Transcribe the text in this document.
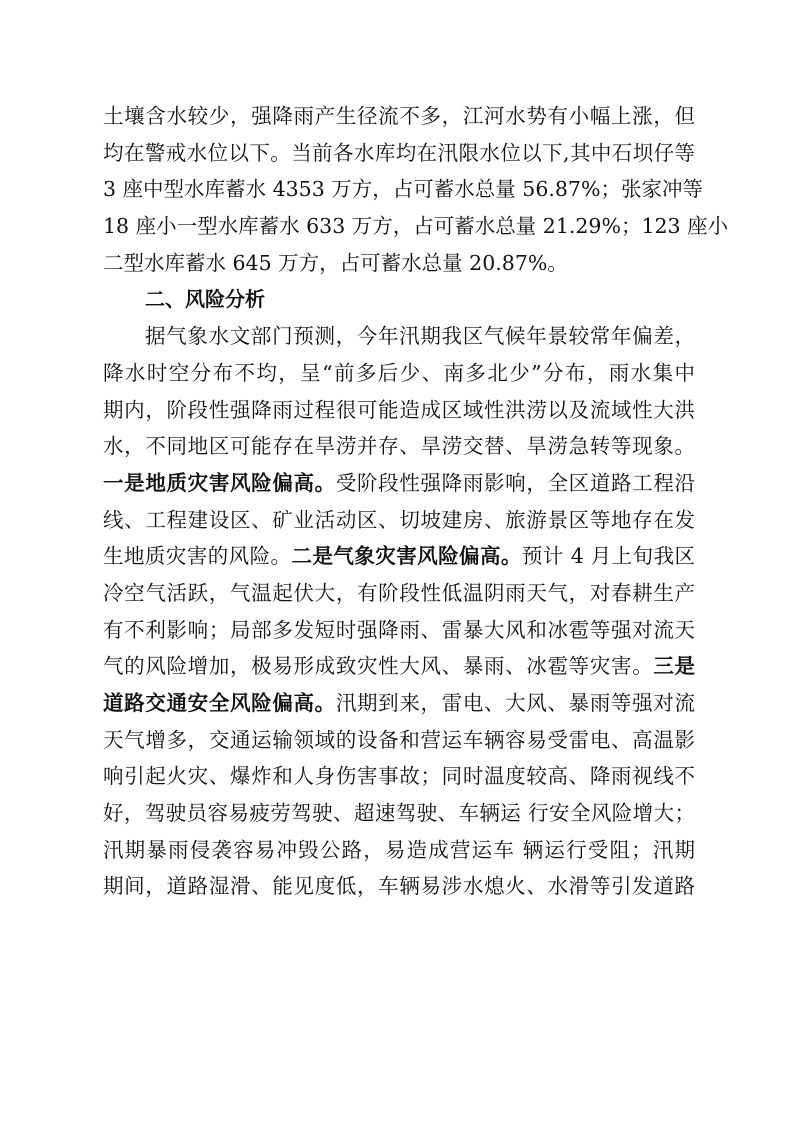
土壤含水较少，强降雨产生径流不多，江河水势有小幅上涨，但
均在警戒水位以下。当前各水库均在汛限水位以下,其中石坝仔等
3 座中型水库蓄水 4353 万方，占可蓄水总量 56.87%；张家冲等
18 座小一型水库蓄水 633 万方，占可蓄水总量 21.29%；123 座小
二型水库蓄水 645 万方，占可蓄水总量 20.87%。
二、风险分析
据气象水文部门预测，今年汛期我区气候年景较常年偏差，
降水时空分布不均，呈“前多后少、南多北少”分布，雨水集中
期内，阶段性强降雨过程很可能造成区域性洪涝以及流域性大洪
水，不同地区可能存在旱涝并存、旱涝交替、旱涝急转等现象。
一是地质灾害风险偏高。受阶段性强降雨影响，全区道路工程沿
线、工程建设区、矿业活动区、切坡建房、旅游景区等地存在发
生地质灾害的风险。二是气象灾害风险偏高。预计 4 月上旬我区
冷空气活跃，气温起伏大，有阶段性低温阴雨天气，对春耕生产
有不利影响；局部多发短时强降雨、雷暴大风和冰雹等强对流天
气的风险增加，极易形成致灾性大风、暴雨、冰雹等灾害。三是
道路交通安全风险偏高。汛期到来，雷电、大风、暴雨等强对流
天气增多，交通运输领域的设备和营运车辆容易受雷电、高温影
响引起火灾、爆炸和人身伤害事故；同时温度较高、降雨视线不
好，驾驶员容易疲劳驾驶、超速驾驶、车辆运 行安全风险增大；
汛期暴雨侵袭容易冲毁公路，易造成营运车 辆运行受阻；汛期
期间，道路湿滑、能见度低，车辆易涉水熄火、水滑等引发道路
